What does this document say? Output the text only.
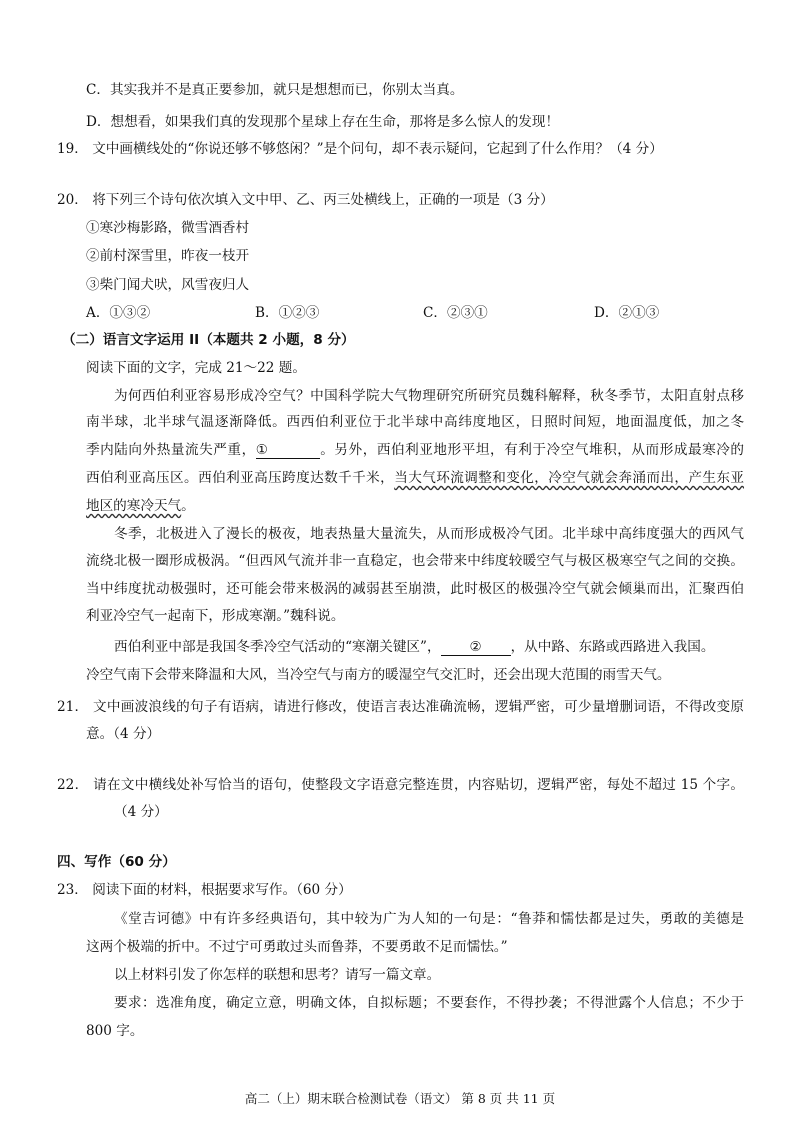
C．其实我并不是真正要参加，就只是想想而已，你别太当真。
D．想想看，如果我们真的发现那个星球上存在生命，那将是多么惊人的发现！
19． 文中画横线处的“你说还够不够悠闲？”是个问句，却不表示疑问，它起到了什么作用？（4 分）
20． 将下列三个诗句依次填入文中甲、乙、丙三处横线上，正确的一项是（3 分）
①寒沙梅影路，微雪酒香村
②前村深雪里，昨夜一枝开
③柴门闻犬吠，风雪夜归人
A．①③②	B．①②③	C．②③①	D．②①③
（二）语言文字运用 II（本题共 2 小题，8 分）
阅读下面的文字，完成 21～22 题。
为何西伯利亚容易形成冷空气？中国科学院大气物理研究所研究员魏科解释，秋冬季节，太阳直射点移
南半球，北半球气温逐渐降低。西西伯利亚位于北半球中高纬度地区，日照时间短，地面温度低，加之冬
季内陆向外热量流失严重，①	。另外，西伯利亚地形平坦，有利于冷空气堆积，从而形成最寒冷的
西伯利亚高压区。西伯利亚高压跨度达数千千米，当大气环流调整和变化，冷空气就会奔涌而出，产生东亚
地区的寒冷天气。
冬季，北极进入了漫长的极夜，地表热量大量流失，从而形成极冷气团。北半球中高纬度强大的西风气
流绕北极一圈形成极涡。“但西风气流并非一直稳定，也会带来中纬度较暖空气与极区极寒空气之间的交换。
当中纬度扰动极强时，还可能会带来极涡的减弱甚至崩溃，此时极区的极强冷空气就会倾巢而出，汇聚西伯
利亚冷空气一起南下，形成寒潮。”魏科说。
西伯利亚中部是我国冬季冷空气活动的“寒潮关键区”， ② ，从中路、东路或西路进入我国。
冷空气南下会带来降温和大风，当冷空气与南方的暖湿空气交汇时，还会出现大范围的雨雪天气。
21． 文中画波浪线的句子有语病，请进行修改，使语言表达准确流畅，逻辑严密，可少量增删词语，不得改变原
意。（4 分）
22． 请在文中横线处补写恰当的语句，使整段文字语意完整连贯，内容贴切，逻辑严密，每处不超过 15 个字。
（4 分）
四、写作（60 分）
23． 阅读下面的材料，根据要求写作。（60 分）
《堂吉诃德》中有许多经典语句，其中较为广为人知的一句是：“鲁莽和懦怯都是过失，勇敢的美德是
这两个极端的折中。不过宁可勇敢过头而鲁莽，不要勇敢不足而懦怯。”
以上材料引发了你怎样的联想和思考？请写一篇文章。
要求：选准角度，确定立意，明确文体，自拟标题；不要套作，不得抄袭；不得泄露个人信息；不少于
800 字。
高二（上）期末联合检测试卷（语文） 第 8 页 共 11 页
